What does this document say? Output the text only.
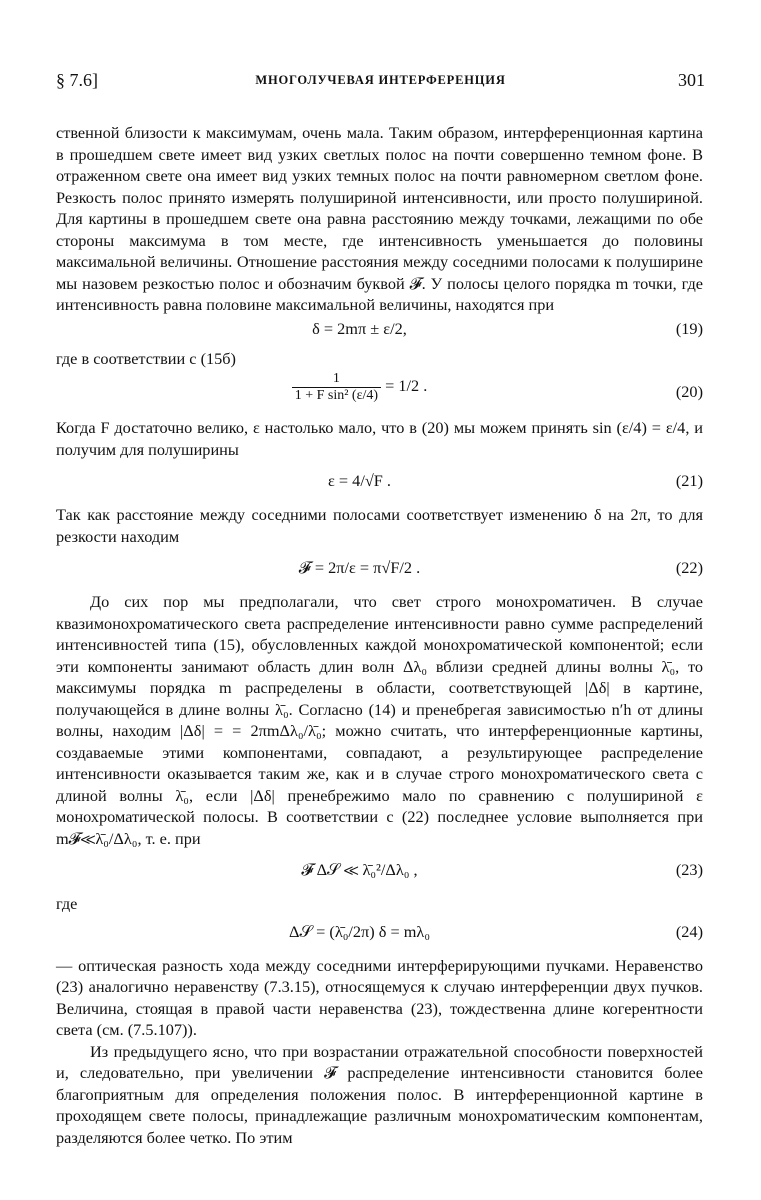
§ 7.6]	МНОГОЛУЧЕВАЯ ИНТЕРФЕРЕНЦИЯ	301

ственной близости к максимумам, очень мала. Таким образом, интерференционная картина в прошедшем свете имеет вид узких светлых полос на почти совершенно темном фоне. В отраженном свете она имеет вид узких темных полос на почти равномерном светлом фоне. Резкость полос принято измерять полушириной интенсивности, или просто полушириной. Для картины в прошедшем свете она равна расстоянию между точками, лежащими по обе стороны максимума в том месте, где интенсивность уменьшается до половины максимальной величины. Отношение расстояния между соседними полосами к полуширине мы назовем резкостью полос и обозначим буквой 𝓕. У полосы целого порядка m точки, где интенсивность равна половине максимальной величины, находятся при

δ = 2mπ ± ε/2,	(19)

где в соответствии с (15б)

$\frac{1}{\text{1 + F sin² (ε/4)}} = 1/2$ .	(20)

Когда F достаточно велико, ε настолько мало, что в (20) мы можем принять sin (ε/4) = ε/4, и получим для полуширины

ε = 4/√F .	(21)

Так как расстояние между соседними полосами соответствует изменению δ на 2π, то для резкости находим

𝓕 = 2π/ε = π√F/2 .	(22)

До сих пор мы предполагали, что свет строго монохроматичен. В случае квазимонохроматического света распределение интенсивности равно сумме распределений интенсивностей типа (15), обусловленных каждой монохроматической компонентой; если эти компоненты занимают область длин волн Δλ₀ вблизи средней длины волны λ̄₀, то максимумы порядка m распределены в области, соответствующей |Δδ| в картине, получающейся в длине волны λ̄₀. Согласно (14) и пренебрегая зависимостью n′h от длины волны, находим |Δδ| = = 2πmΔλ₀/λ̄₀; можно считать, что интерференционные картины, создаваемые этими компонентами, совпадают, а результирующее распределение интенсивности оказывается таким же, как и в случае строго монохроматического света с длиной волны λ̄₀, если |Δδ| пренебрежимо мало по сравнению с полушириной ε монохроматической полосы. В соответствии с (22) последнее условие выполняется при m𝓕≪λ̄₀/Δλ₀, т. е. при

𝓕 Δ𝒮 ≪ λ̄₀²/Δλ₀ ,	(23)

где

Δ𝒮 = (λ̄₀/2π) δ = mλ₀	(24)

— оптическая разность хода между соседними интерферирующими пучками. Неравенство (23) аналогично неравенству (7.3.15), относящемуся к случаю интерференции двух пучков. Величина, стоящая в правой части неравенства (23), тождественна длине когерентности света (см. (7.5.107)).

Из предыдущего ясно, что при возрастании отражательной способности поверхностей и, следовательно, при увеличении 𝓕 распределение интенсивности становится более благоприятным для определения положения полос. В интерференционной картине в проходящем свете полосы, принадлежащие различным монохроматическим компонентам, разделяются более четко. По этим
